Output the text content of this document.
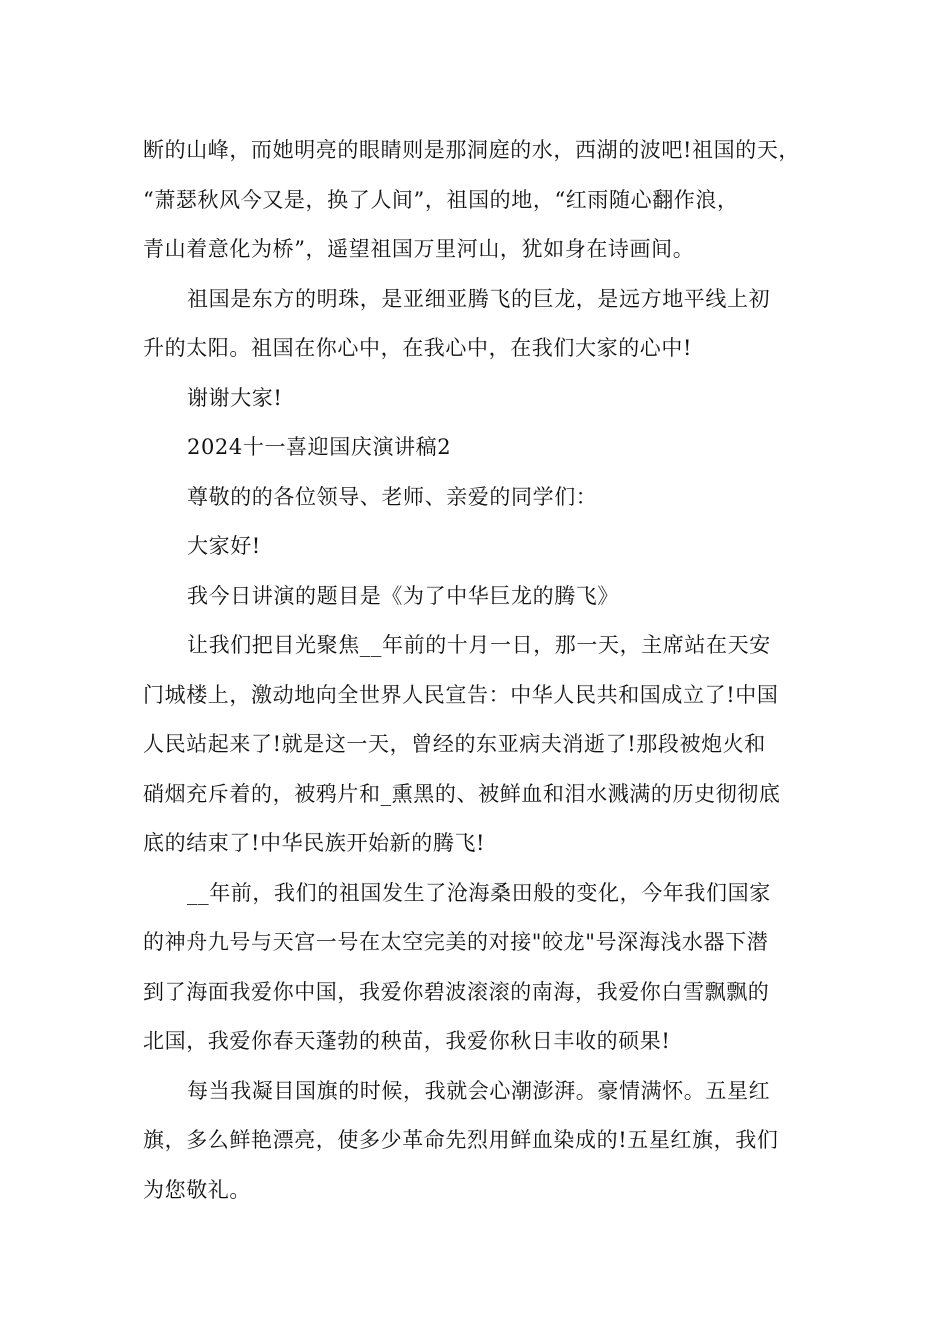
断的山峰，而她明亮的眼睛则是那洞庭的水，西湖的波吧!祖国的天，
“萧瑟秋风今又是，换了人间”，祖国的地，“红雨随心翻作浪，
青山着意化为桥”，遥望祖国万里河山，犹如身在诗画间。

祖国是东方的明珠，是亚细亚腾飞的巨龙，是远方地平线上初
升的太阳。祖国在你心中，在我心中，在我们大家的心中!

谢谢大家!

2024十一喜迎国庆演讲稿2

尊敬的的各位领导、老师、亲爱的同学们：

大家好!

我今日讲演的题目是《为了中华巨龙的腾飞》

让我们把目光聚焦__年前的十月一日，那一天，主席站在天安
门城楼上，激动地向全世界人民宣告：中华人民共和国成立了!中国
人民站起来了!就是这一天，曾经的东亚病夫消逝了!那段被炮火和
硝烟充斥着的，被鸦片和_熏黑的、被鲜血和泪水溅满的历史彻彻底
底的结束了!中华民族开始新的腾飞!

__年前，我们的祖国发生了沧海桑田般的变化，今年我们国家
的神舟九号与天宫一号在太空完美的对接"皎龙"号深海浅水器下潜
到了海面我爱你中国，我爱你碧波滚滚的南海，我爱你白雪飘飘的
北国，我爱你春天蓬勃的秧苗，我爱你秋日丰收的硕果!

每当我凝目国旗的时候，我就会心潮澎湃。豪情满怀。五星红
旗，多么鲜艳漂亮，使多少革命先烈用鲜血染成的!五星红旗，我们
为您敬礼。
